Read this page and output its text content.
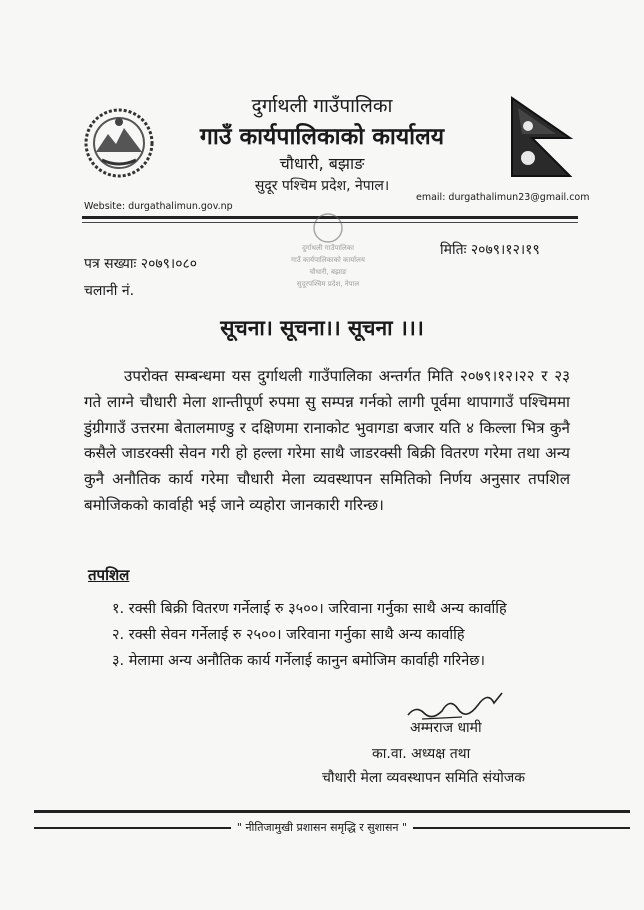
दुर्गाथली गाउँपालिका
गाउँ कार्यपालिकाको कार्यालय
चौधारी, बझाङ
सुदूर पश्चिम प्रदेश, नेपाल।
Website: durgathalimun.gov.np
email: durgathalimun23@gmail.com
दुर्गाथली गाउँपालिका
गाउँ कार्यपालिकाको कार्यालय
चौधारी, बझाङ
सुदूरपश्चिम प्रदेश, नेपाल
पत्र सख्याः २०७९।०८०
चलानी नं.
मितिः २०७९।१२।१९
सूचना। सूचना।। सूचना ।।।
उपरोक्त सम्बन्धमा यस दुर्गाथली गाउँपालिका अन्तर्गत मिति २०७९।१२।२२ र २३ गते लाग्ने चौधारी मेला शान्तीपूर्ण रुपमा सु सम्पन्न गर्नको लागी पूर्वमा थापागाउँ पश्चिममा डुंग्रीगाउँ उत्तरमा बेतालमाण्डु र दक्षिणमा रानाकोट भुवागडा बजार यति ४ किल्ला भित्र कुनै कसैले जाडरक्सी सेवन गरी हो हल्ला गरेमा साथै जाडरक्सी बिक्री वितरण गरेमा तथा अन्य कुनै अनौतिक कार्य गरेमा चौधारी मेला व्यवस्थापन समितिको निर्णय अनुसार तपशिल बमोजिकको कार्वाही भई जाने व्यहोरा जानकारी गरिन्छ।
तपशिल
१. रक्सी बिक्री वितरण गर्नेलाई रु ३५००। जरिवाना गर्नुका साथै अन्य कार्वाहि
२. रक्सी सेवन गर्नेलाई रु २५००। जरिवाना गर्नुका साथै अन्य कार्वाहि
३. मेलामा अन्य अनौतिक कार्य गर्नेलाई कानुन बमोजिम कार्वाही गरिनेछ।
अम्मराज धामी
का.वा. अध्यक्ष तथा
चौधारी मेला व्यवस्थापन समिति संयोजक
" नीतिजामुखी प्रशासन समृद्धि र सुशासन "
